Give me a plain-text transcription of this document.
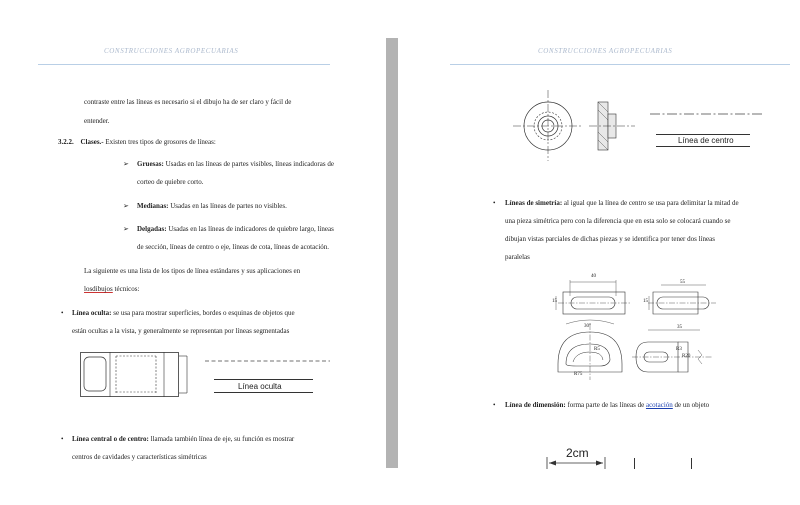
CONSTRUCCIONES AGROPECUARIAS
contraste entre las líneas es necesario si el dibujo ha de ser claro y fácil de
entender.
3.2.2. Clases.- Existen tres tipos de grosores de líneas:
➢ Gruesas: Usadas en las líneas de partes visibles, líneas indicadoras de
corteo de quiebre corto.
➢ Medianas: Usadas en las líneas de partes no visibles.
➢ Delgadas: Usadas en las líneas de indicadores de quiebre largo, líneas
de sección, líneas de centro o eje, líneas de cota, líneas de acotación.
La siguiente es una lista de los tipos de línea estándares y sus aplicaciones en
losdibujos técnicos:
• Línea oculta: se usa para mostrar superficies, bordes o esquinas de objetos que
están ocultas a la vista, y generalmente se representan por líneas segmentadas
Línea oculta
• Línea central o de centro: llamada también línea de eje, su función es mostrar
centros de cavidades y características simétricas
CONSTRUCCIONES AGROPECUARIAS
Línea de centro
• Líneas de simetría: al igual que la línea de centro se usa para delimitar la mitad de
una pieza simétrica pero con la diferencia que en esta solo se colocará cuando se
dibujan vistas parciales de dichas piezas y se identifica por tener dos líneas
paralelas
40
55
15	15
30°	35
R5
R75
R3
R20
• Línea de dimensión: forma parte de las líneas de acotación de un objeto
2cm
